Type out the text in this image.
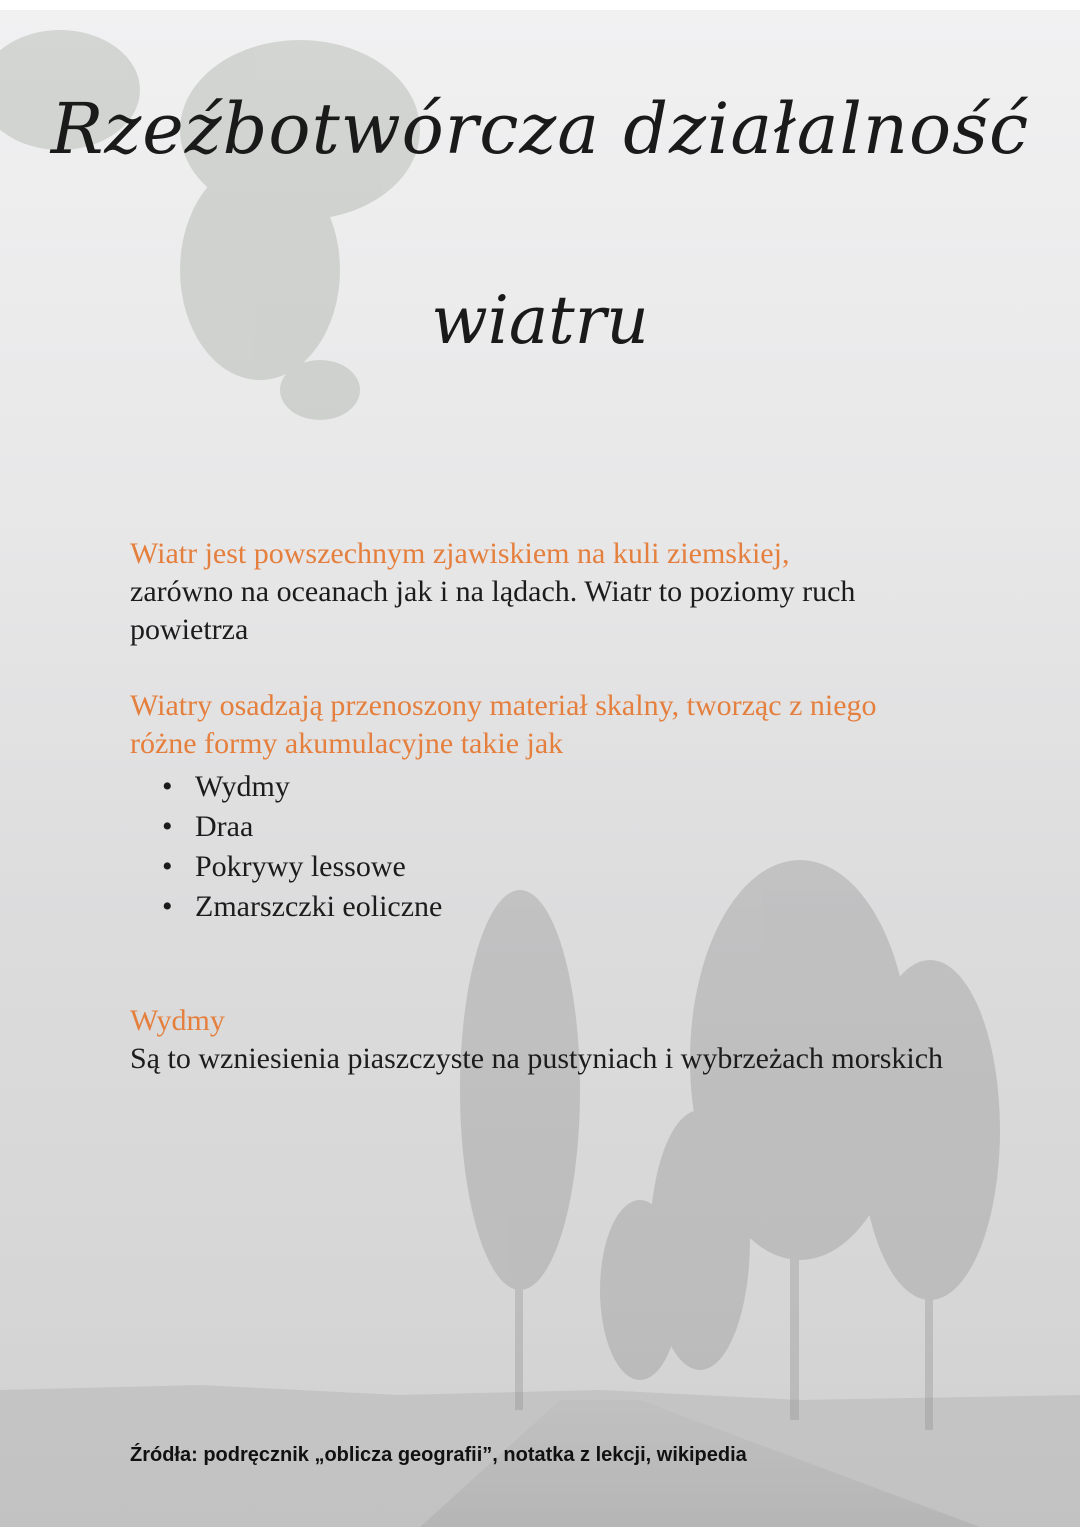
Rzeźbotwórcza działalność
wiatru
Wiatr jest powszechnym zjawiskiem na kuli ziemskiej,
zarówno na oceanach jak i na lądach. Wiatr to poziomy ruch powietrza
Wiatry osadzają przenoszony materiał skalny, tworząc z niego różne formy akumulacyjne takie jak
• Wydmy
• Draa
• Pokrywy lessowe
• Zmarszczki eoliczne
Wydmy
Są to wzniesienia piaszczyste na pustyniach i wybrzeżach morskich
Źródła: podręcznik „oblicza geografii”, notatka z lekcji, wikipedia
